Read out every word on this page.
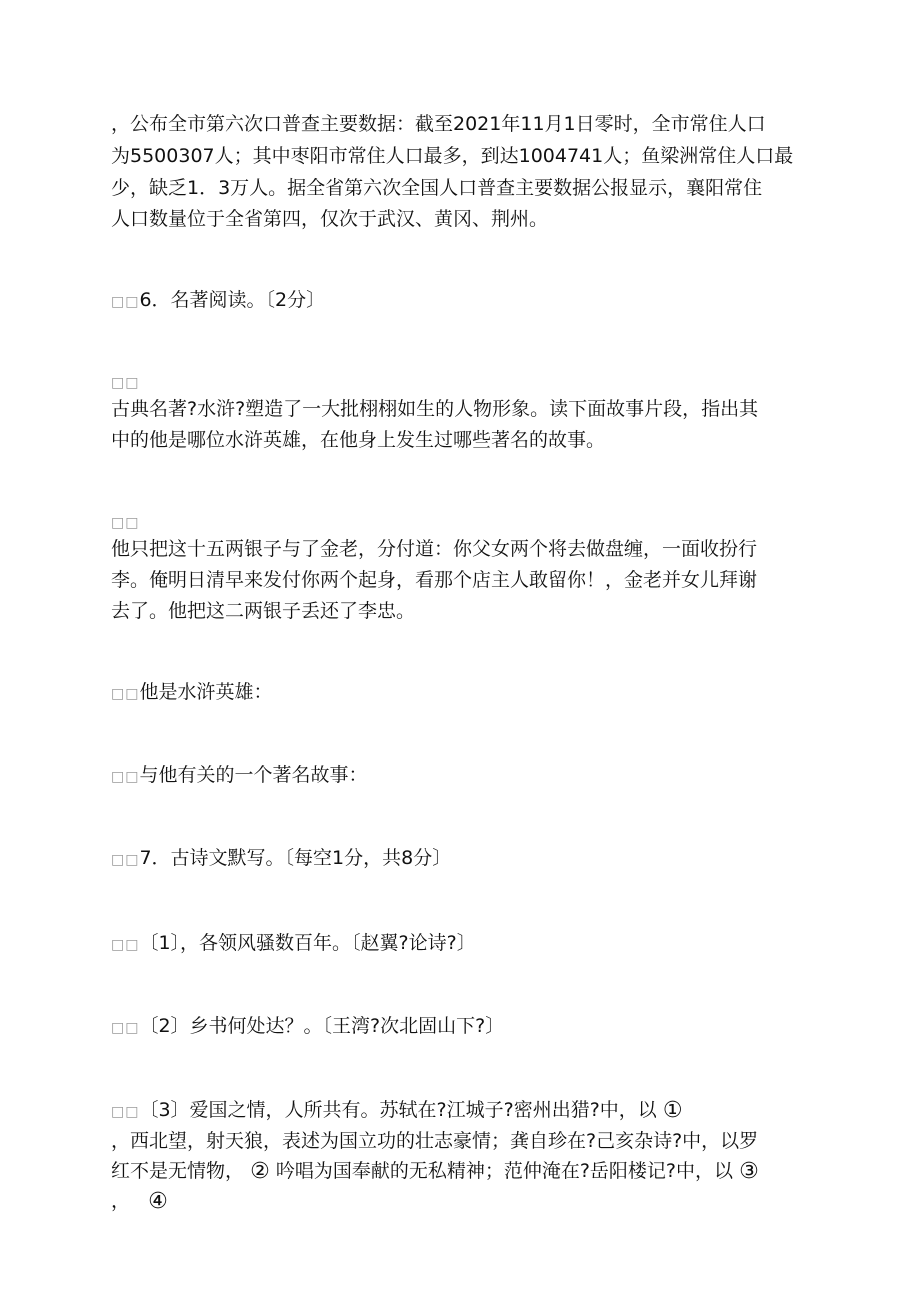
，公布全市第六次口普查主要数据：截至2021年11月1日零时，全市常住人口
为5500307人；其中枣阳市常住人口最多，到达1004741人；鱼梁洲常住人口最
少，缺乏1．3万人。据全省第六次全国人口普查主要数据公报显示，襄阳常住
人口数量位于全省第四，仅次于武汉、黄冈、荆州。
□□6．名著阅读。〔2分〕
□□
古典名著?水浒?塑造了一大批栩栩如生的人物形象。读下面故事片段，指出其
中的他是哪位水浒英雄，在他身上发生过哪些著名的故事。
□□
他只把这十五两银子与了金老，分付道：你父女两个将去做盘缠，一面收扮行
李。俺明日清早来发付你两个起身，看那个店主人敢留你！，金老并女儿拜谢
去了。他把这二两银子丢还了李忠。
□□他是水浒英雄：
□□与他有关的一个著名故事：
□□7．古诗文默写。〔每空1分，共8分〕
□□〔1〕，各领风骚数百年。〔赵翼?论诗?〕
□□〔2〕乡书何处达？。〔王湾?次北固山下?〕
□□〔3〕爱国之情，人所共有。苏轼在?江城子?密州出猎?中，以 ①
，西北望，射天狼，表述为国立功的壮志豪情；龚自珍在?己亥杂诗?中，以罗
红不是无情物， ② 吟唱为国奉献的无私精神；范仲淹在?岳阳楼记?中，以 ③
， ④
